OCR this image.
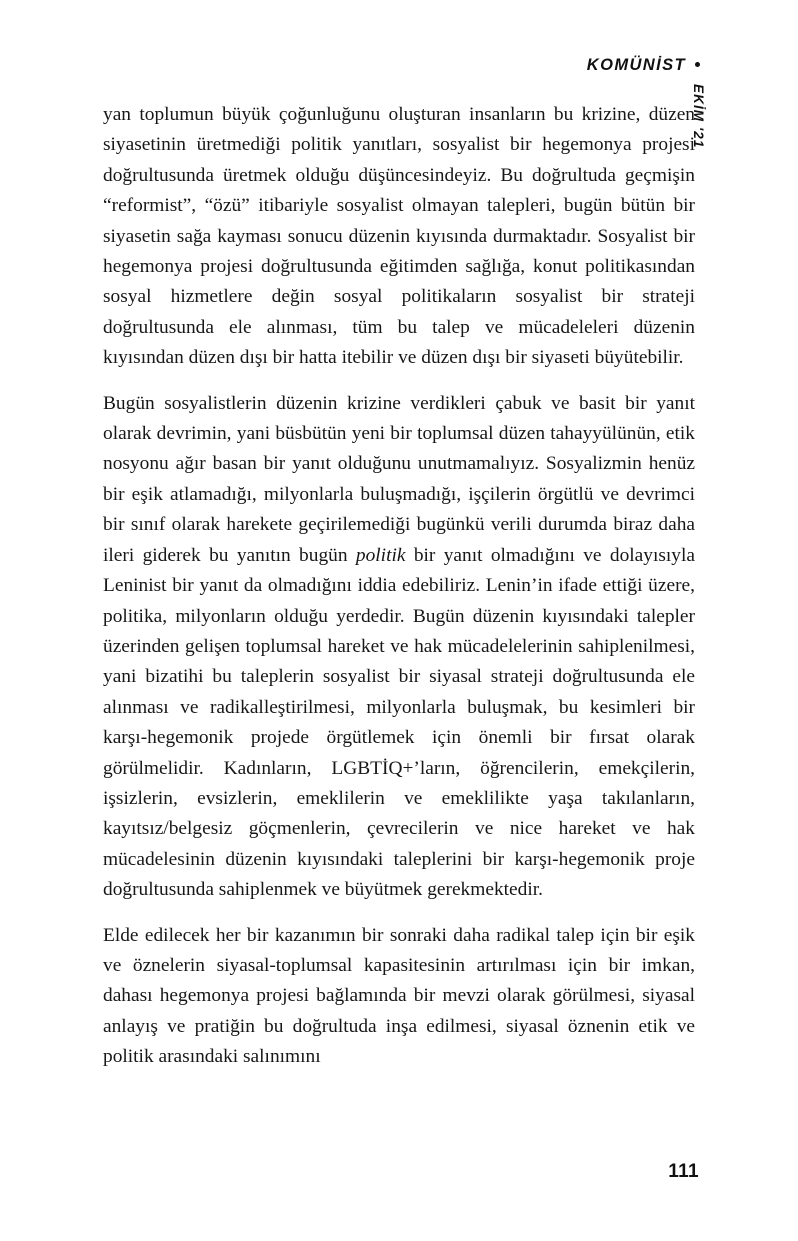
KOMÜNİST
EKİM '21

yan toplumun büyük çoğunluğunu oluşturan insanların bu krizine, düzen siyasetinin üretmediği politik yanıtları, sosyalist bir hegemonya projesi doğrultusunda üretmek olduğu düşüncesindeyiz. Bu doğrultuda geçmişin “reformist”, “özü” itibariyle sosyalist olmayan talepleri, bugün bütün bir siyasetin sağa kayması sonucu düzenin kıyısında durmaktadır. Sosyalist bir hegemonya projesi doğrultusunda eğitimden sağlığa, konut politikasından sosyal hizmetlere değin sosyal politikaların sosyalist bir strateji doğrultusunda ele alınması, tüm bu talep ve mücadeleleri düzenin kıyısından düzen dışı bir hatta itebilir ve düzen dışı bir siyaseti büyütebilir.

Bugün sosyalistlerin düzenin krizine verdikleri çabuk ve basit bir yanıt olarak devrimin, yani büsbütün yeni bir toplumsal düzen tahayyülünün, etik nosyonu ağır basan bir yanıt olduğunu unutmamalıyız. Sosyalizmin henüz bir eşik atlamadığı, milyonlarla buluşmadığı, işçilerin örgütlü ve devrimci bir sınıf olarak harekete geçirilemediği bugünkü verili durumda biraz daha ileri giderek bu yanıtın bugün politik bir yanıt olmadığını ve dolayısıyla Leninist bir yanıt da olmadığını iddia edebiliriz. Lenin’in ifade ettiği üzere, politika, milyonların olduğu yerdedir. Bugün düzenin kıyısındaki talepler üzerinden gelişen toplumsal hareket ve hak mücadelelerinin sahiplenilmesi, yani bizatihi bu taleplerin sosyalist bir siyasal strateji doğrultusunda ele alınması ve radikalleştirilmesi, milyonlarla buluşmak, bu kesimleri bir karşı-hegemonik projede örgütlemek için önemli bir fırsat olarak görülmelidir. Kadınların, LGBTİQ+’ların, öğrencilerin, emekçilerin, işsizlerin, evsizlerin, emeklilerin ve emeklilikte yaşa takılanların, kayıtsız/belgesiz göçmenlerin, çevrecilerin ve nice hareket ve hak mücadelesinin düzenin kıyısındaki taleplerini bir karşı-hegemonik proje doğrultusunda sahiplenmek ve büyütmek gerekmektedir.

Elde edilecek her bir kazanımın bir sonraki daha radikal talep için bir eşik ve öznelerin siyasal-toplumsal kapasitesinin artırılması için bir imkan, dahası hegemonya projesi bağlamında bir mevzi olarak görülmesi, siyasal anlayış ve pratiğin bu doğrultuda inşa edilmesi, siyasal öznenin etik ve politik arasındaki salınımını

111
